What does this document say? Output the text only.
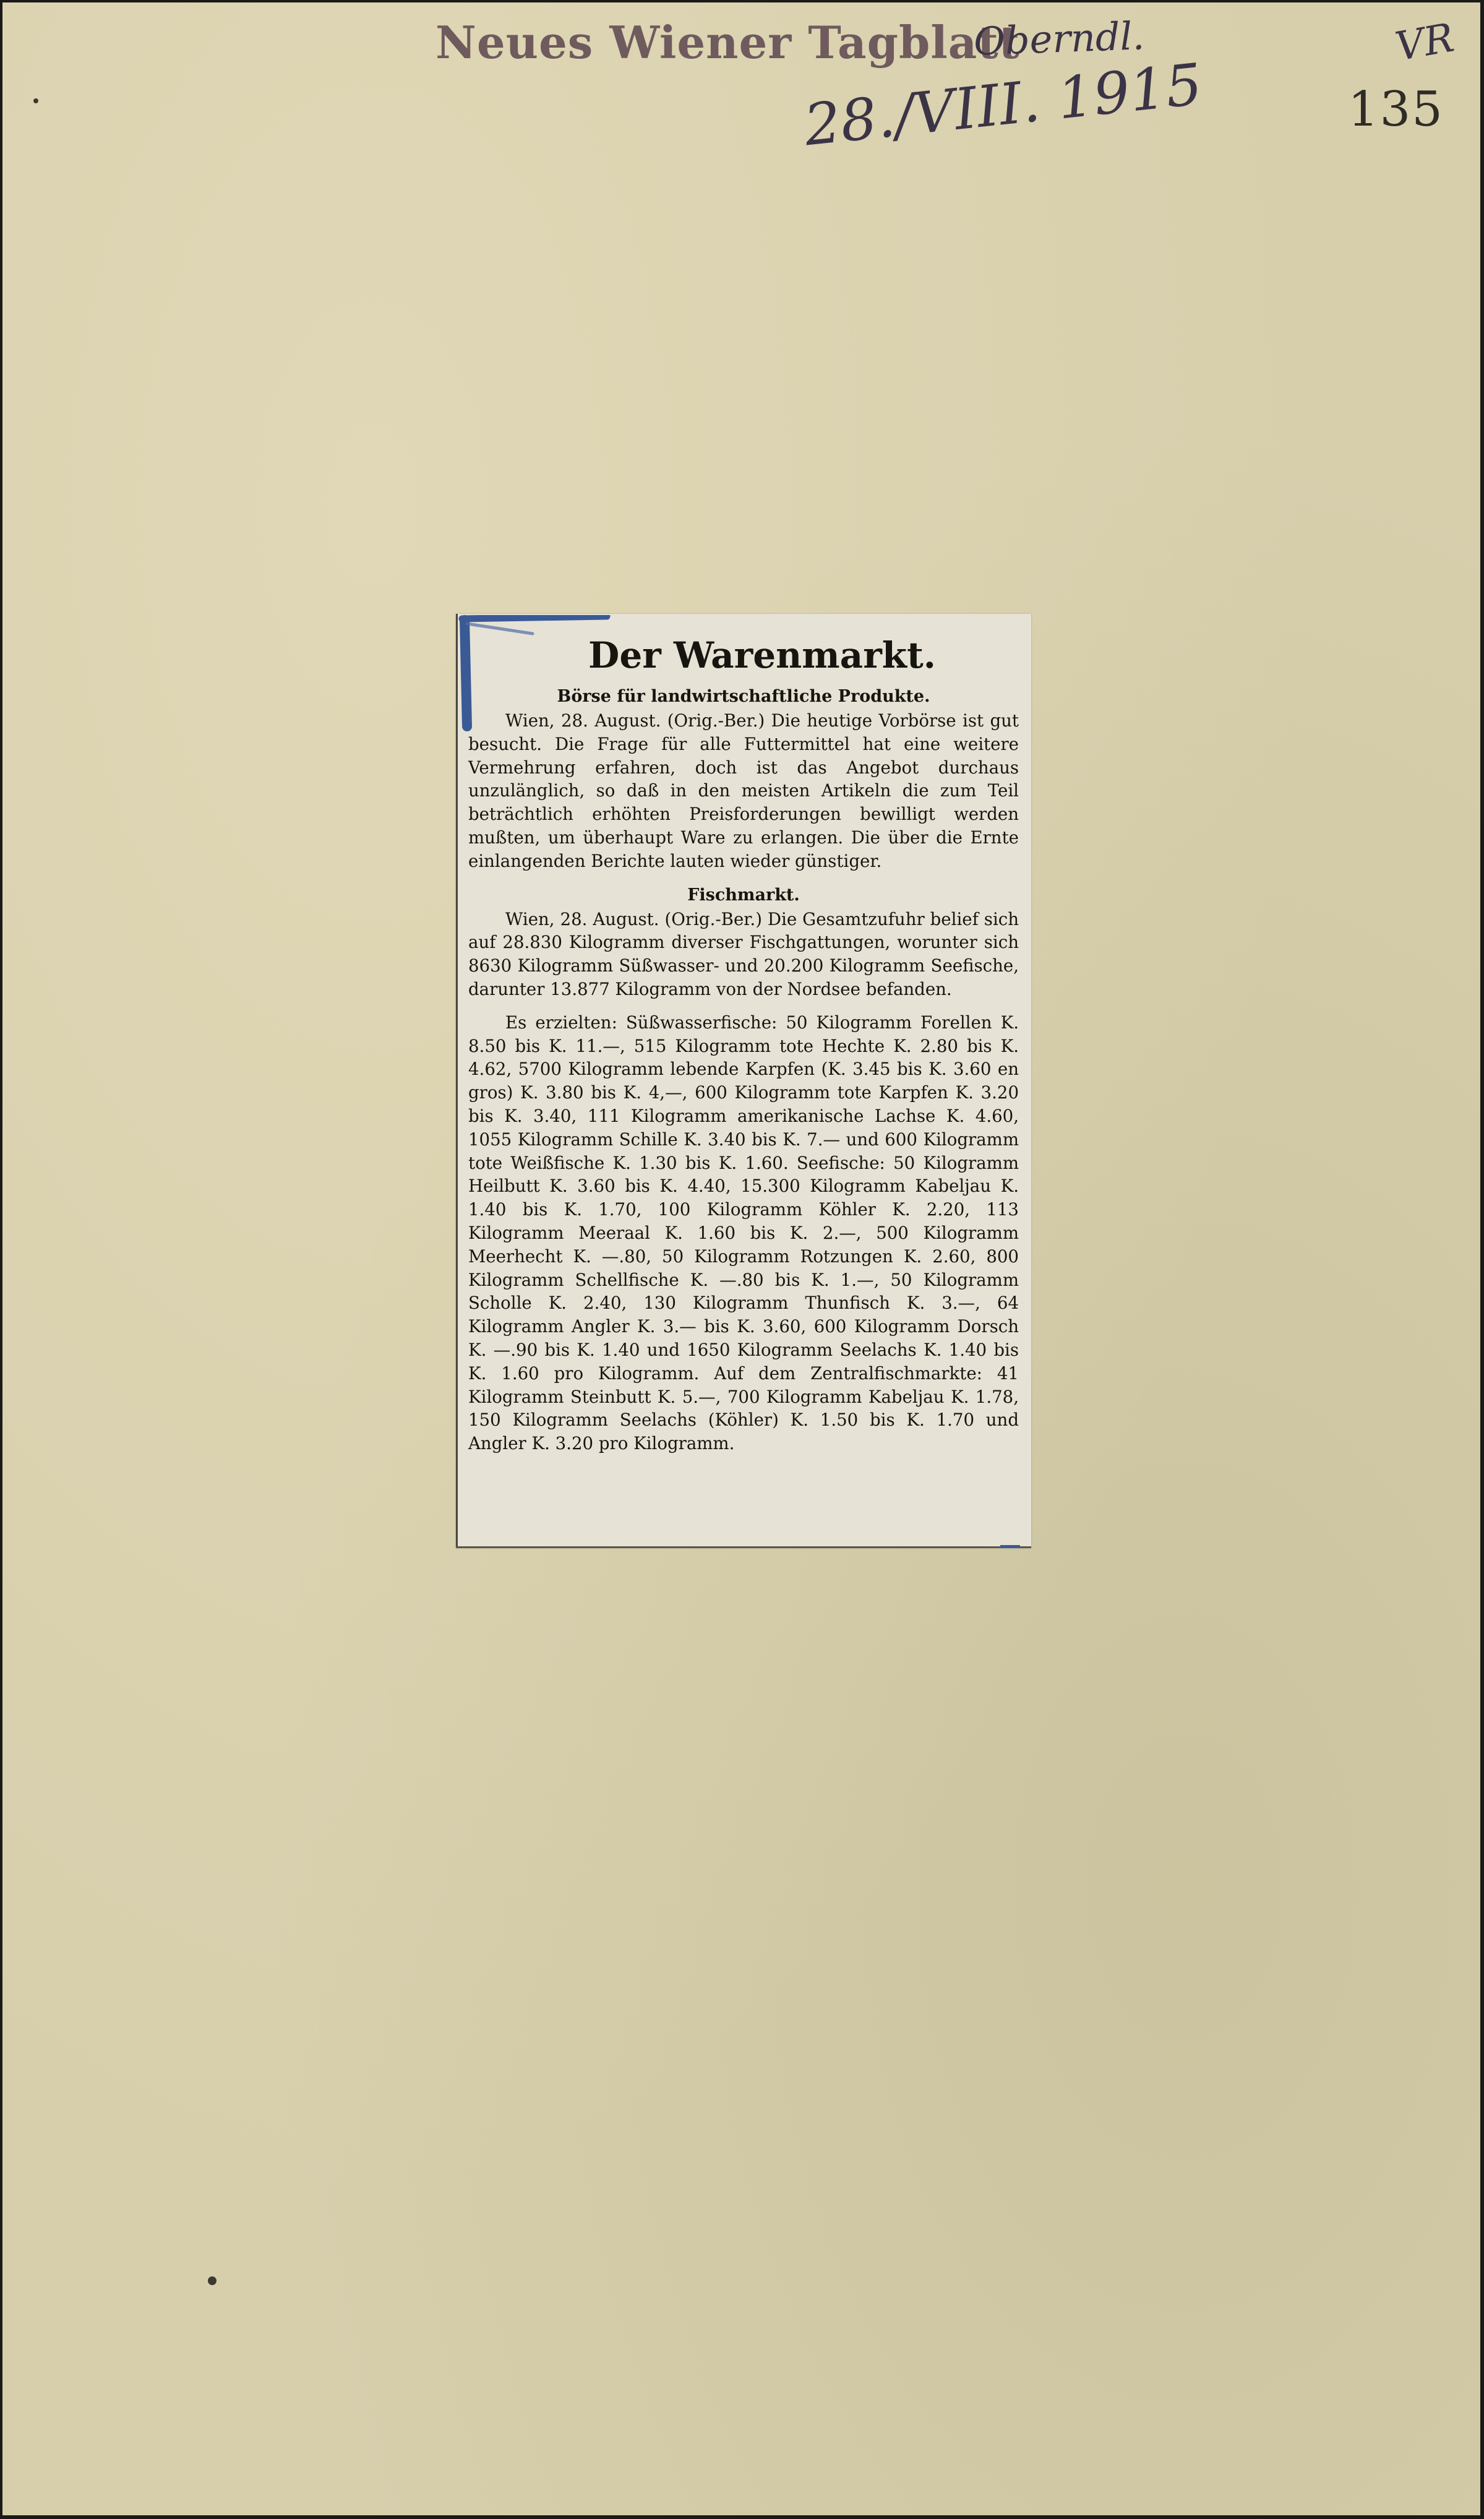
Neues Wiener Tagblatt
Oberndl.
28./VIII. 1915
VR
135
Der Warenmarkt.
Börse für landwirtschaftliche Produkte.

Wien, 28. August. (Orig.-Ber.) Die heutige Vorbörse ist gut besucht. Die Frage für alle Futtermittel hat eine weitere Vermehrung erfahren, doch ist das Angebot durchaus unzulänglich, so daß in den meisten Artikeln die zum Teil beträchtlich erhöhten Preisforderungen bewilligt werden mußten, um überhaupt Ware zu erlangen. Die über die Ernte einlangenden Berichte lauten wieder günstiger.

Fischmarkt.

Wien, 28. August. (Orig.-Ber.) Die Gesamtzufuhr belief sich auf 28.830 Kilogramm diverser Fischgattungen, worunter sich 8630 Kilogramm Süßwasser- und 20.200 Kilogramm Seefische, darunter 13.877 Kilogramm von der Nordsee befanden.

Es erzielten: Süßwasserfische: 50 Kilogramm Forellen K. 8.50 bis K. 11.—, 515 Kilogramm tote Hechte K. 2.80 bis K. 4.62, 5700 Kilogramm lebende Karpfen (K. 3.45 bis K. 3.60 en gros) K. 3.80 bis K. 4,—, 600 Kilogramm tote Karpfen K. 3.20 bis K. 3.40, 111 Kilogramm amerikanische Lachse K. 4.60, 1055 Kilogramm Schille K. 3.40 bis K. 7.— und 600 Kilogramm tote Weißfische K. 1.30 bis K. 1.60. Seefische: 50 Kilogramm Heilbutt K. 3.60 bis K. 4.40, 15.300 Kilogramm Kabeljau K. 1.40 bis K. 1.70, 100 Kilogramm Köhler K. 2.20, 113 Kilogramm Meeraal K. 1.60 bis K. 2.—, 500 Kilogramm Meerhecht K. —.80, 50 Kilogramm Rotzungen K. 2.60, 800 Kilogramm Schellfische K. —.80 bis K. 1.—, 50 Kilogramm Scholle K. 2.40, 130 Kilogramm Thunfisch K. 3.—, 64 Kilogramm Angler K. 3.— bis K. 3.60, 600 Kilogramm Dorsch K. —.90 bis K. 1.40 und 1650 Kilogramm Seelachs K. 1.40 bis K. 1.60 pro Kilogramm. Auf dem Zentralfischmarkte: 41 Kilogramm Steinbutt K. 5.—, 700 Kilogramm Kabeljau K. 1.78, 150 Kilogramm Seelachs (Köhler) K. 1.50 bis K. 1.70 und Angler K. 3.20 pro Kilogramm.
